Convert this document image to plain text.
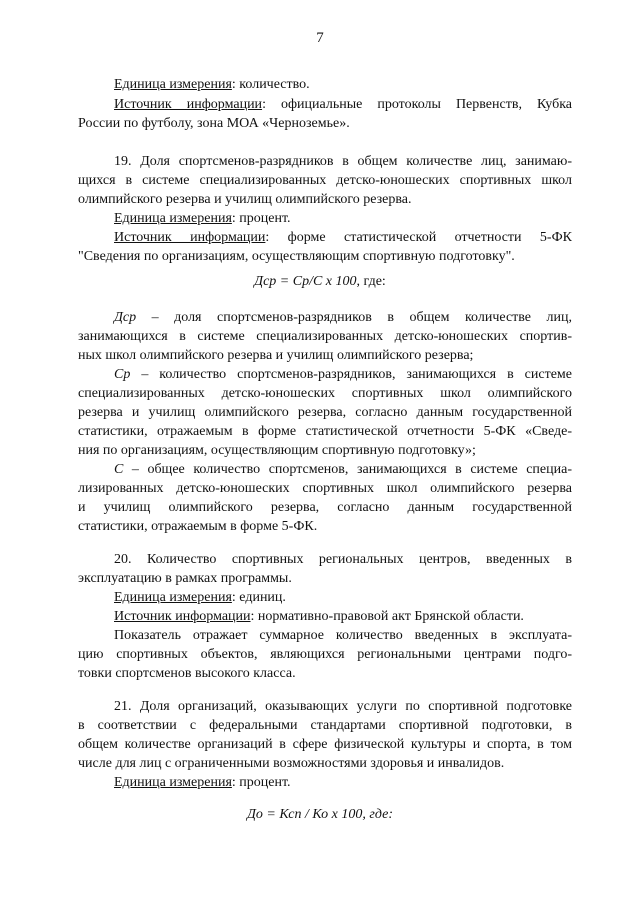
7
Единица измерения: количество.
Источник информации: официальные протоколы Первенств, Кубка
России по футболу, зона МОА «Черноземье».
19. Доля спортсменов-разрядников в общем количестве лиц, занимаю-
щихся в системе специализированных детско-юношеских спортивных школ
олимпийского резерва и училищ олимпийского резерва.
Единица измерения: процент.
Источник информации: форме статистической отчетности 5-ФК
"Сведения по организациям, осуществляющим спортивную подготовку".
Дср = Ср/С х 100, где:
Дср – доля спортсменов-разрядников в общем количестве лиц,
занимающихся в системе специализированных детско-юношеских спортив-
ных школ олимпийского резерва и училищ олимпийского резерва;
Ср – количество спортсменов-разрядников, занимающихся в системе
специализированных детско-юношеских спортивных школ олимпийского
резерва и училищ олимпийского резерва, согласно данным государственной
статистики, отражаемым в форме статистической отчетности 5-ФК «Сведе-
ния по организациям, осуществляющим спортивную подготовку»;
С – общее количество спортсменов, занимающихся в системе специа-
лизированных детско-юношеских спортивных школ олимпийского резерва
и училищ олимпийского резерва, согласно данным государственной
статистики, отражаемым в форме 5-ФК.
20. Количество спортивных региональных центров, введенных в
эксплуатацию в рамках программы.
Единица измерения: единиц.
Источник информации: нормативно-правовой акт Брянской области.
Показатель отражает суммарное количество введенных в эксплуата-
цию спортивных объектов, являющихся региональными центрами подго-
товки спортсменов высокого класса.
21. Доля организаций, оказывающих услуги по спортивной подготовке
в соответствии с федеральными стандартами спортивной подготовки, в
общем количестве организаций в сфере физической культуры и спорта, в том
числе для лиц с ограниченными возможностями здоровья и инвалидов.
Единица измерения: процент.
До = Ксп / Ко х 100, где:
